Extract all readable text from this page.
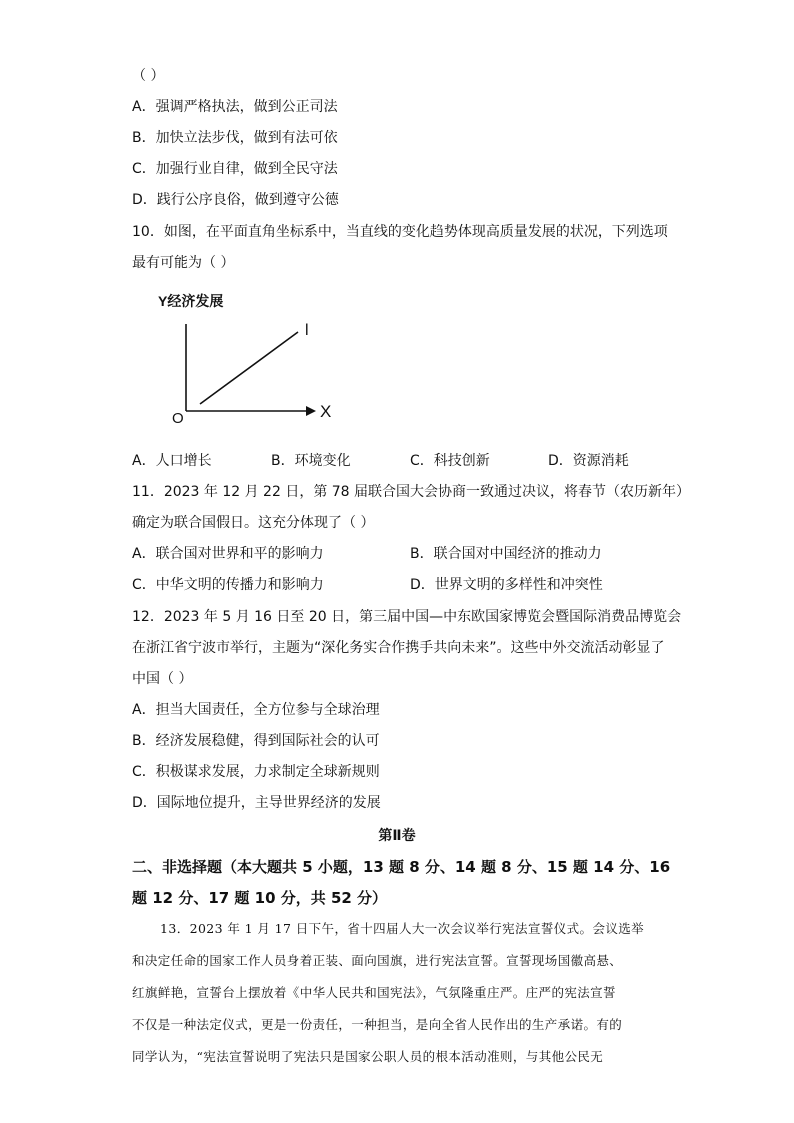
（ ）
A．强调严格执法，做到公正司法
B．加快立法步伐，做到有法可依
C．加强行业自律，做到全民守法
D．践行公序良俗，做到遵守公德
10．如图，在平面直角坐标系中，当直线的变化趋势体现高质量发展的状况，下列选项
最有可能为（ ）
Y经济发展
X
O
l
A．人口增长	B．环境变化	C．科技创新	D．资源消耗
11．2023 年 12 月 22 日，第 78 届联合国大会协商一致通过决议，将春节（农历新年）
确定为联合国假日。这充分体现了（ ）
A．联合国对世界和平的影响力	B．联合国对中国经济的推动力
C．中华文明的传播力和影响力	D．世界文明的多样性和冲突性
12．2023 年 5 月 16 日至 20 日，第三届中国—中东欧国家博览会暨国际消费品博览会
在浙江省宁波市举行，主题为“深化务实合作携手共向未来”。这些中外交流活动彰显了
中国（ ）
A．担当大国责任，全方位参与全球治理
B．经济发展稳健，得到国际社会的认可
C．积极谋求发展，力求制定全球新规则
D．国际地位提升，主导世界经济的发展
第Ⅱ卷
二、非选择题（本大题共 5 小题，13 题 8 分、14 题 8 分、15 题 14 分、16
题 12 分、17 题 10 分，共 52 分）
13．2023 年 1 月 17 日下午，省十四届人大一次会议举行宪法宣誓仪式。会议选举
和决定任命的国家工作人员身着正装、面向国旗，进行宪法宣誓。宣誓现场国徽高悬、
红旗鲜艳，宣誓台上摆放着《中华人民共和国宪法》，气氛隆重庄严。庄严的宪法宣誓
不仅是一种法定仪式，更是一份责任，一种担当，是向全省人民作出的生产承诺。有的
同学认为，“宪法宣誓说明了宪法只是国家公职人员的根本活动准则，与其他公民无
